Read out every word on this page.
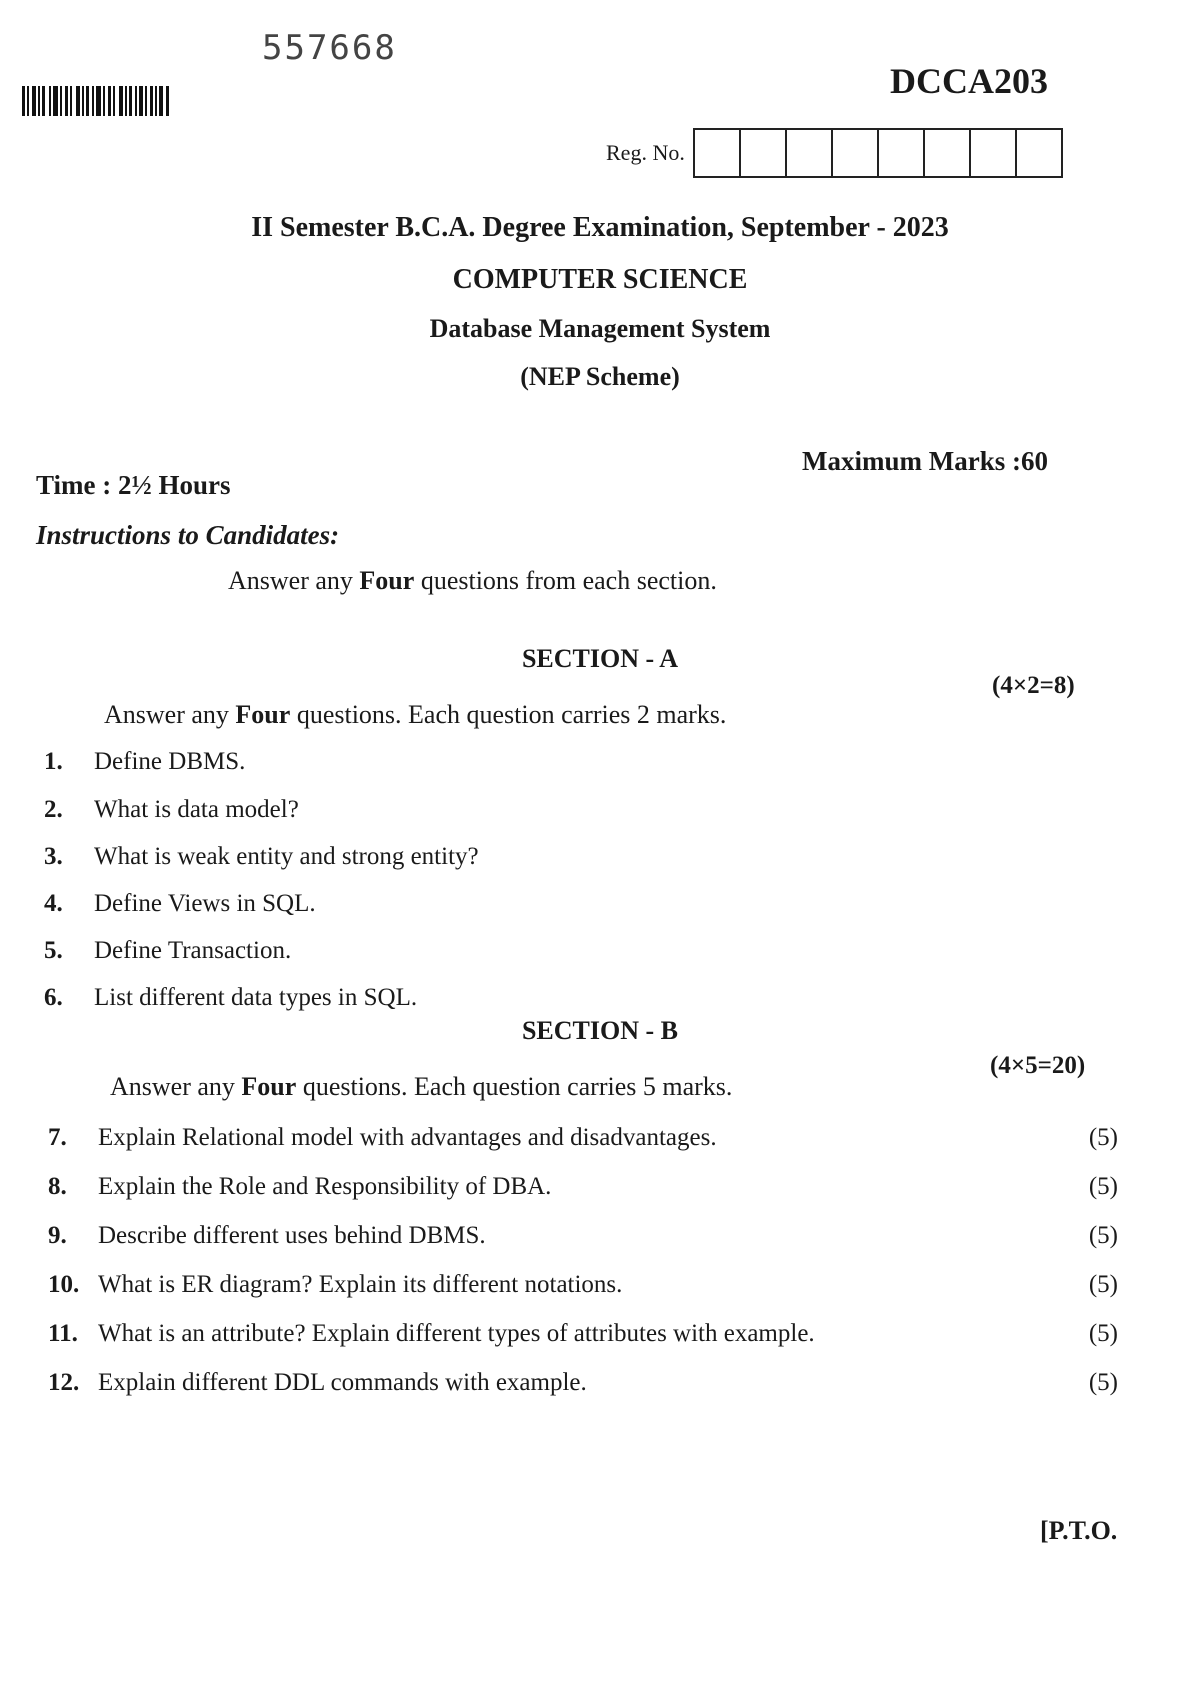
557668
DCCA203
Reg. No.
II Semester B.C.A. Degree Examination, September - 2023
COMPUTER SCIENCE
Database Management System
(NEP Scheme)
Time : 2½ Hours
Maximum Marks :60
Instructions to Candidates:
Answer any Four questions from each section.
SECTION - A
Answer any Four questions. Each question carries 2 marks.
(4×2=8)
1.	Define DBMS.
2.	What is data model?
3.	What is weak entity and strong entity?
4.	Define Views in SQL.
5.	Define Transaction.
6.	List different data types in SQL.
SECTION - B
Answer any Four questions. Each question carries 5 marks.
(4×5=20)
7.	Explain Relational model with advantages and disadvantages.	(5)
8.	Explain the Role and Responsibility of DBA.	(5)
9.	Describe different uses behind DBMS.	(5)
10. What is ER diagram? Explain its different notations.	(5)
11. What is an attribute? Explain different types of attributes with example.	(5)
12. Explain different DDL commands with example.	(5)
[P.T.O.
